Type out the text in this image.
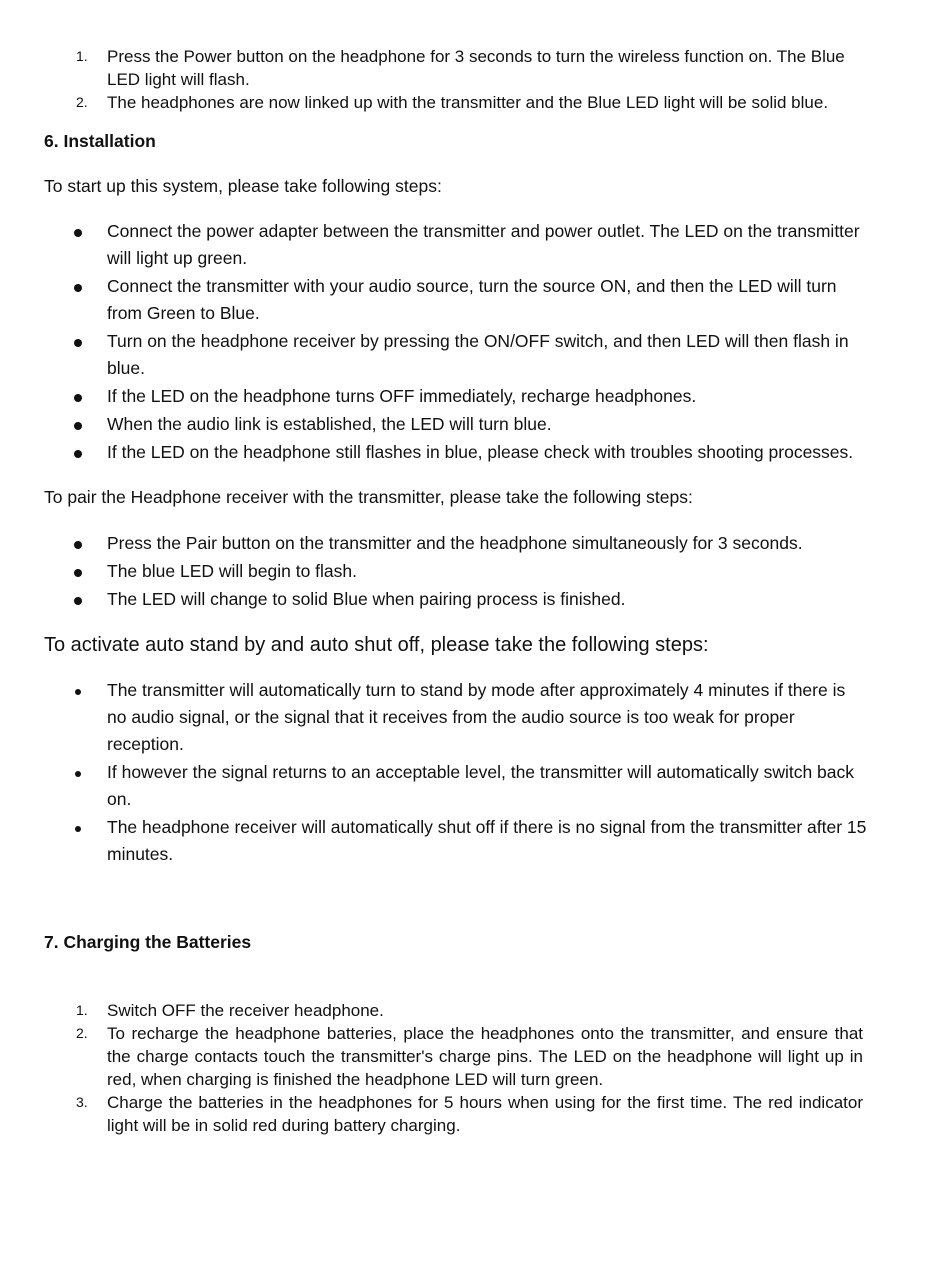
1. Press the Power button on the headphone for 3 seconds to turn the wireless function on. The Blue LED light will flash.
2. The headphones are now linked up with the transmitter and the Blue LED light will be solid blue.
6. Installation
To start up this system, please take following steps:
Connect the power adapter between the transmitter and power outlet. The LED on the transmitter will light up green.
Connect the transmitter with your audio source, turn the source ON, and then the LED will turn from Green to Blue.
Turn on the headphone receiver by pressing the ON/OFF switch, and then LED will then flash in blue.
If the LED on the headphone turns OFF immediately, recharge headphones.
When the audio link is established, the LED will turn blue.
If the LED on the headphone still flashes in blue, please check with troubles shooting processes.
To pair the Headphone receiver with the transmitter, please take the following steps:
Press the Pair button on the transmitter and the headphone simultaneously for 3 seconds.
The blue LED will begin to flash.
The LED will change to solid Blue when pairing process is finished.
To activate auto stand by and auto shut off, please take the following steps:
The transmitter will automatically turn to stand by mode after approximately 4 minutes if there is no audio signal, or the signal that it receives from the audio source is too weak for proper reception.
If however the signal returns to an acceptable level, the transmitter will automatically switch back on.
The headphone receiver will automatically shut off if there is no signal from the transmitter after 15 minutes.
7. Charging the Batteries
1. Switch OFF the receiver headphone.
2. To recharge the headphone batteries, place the headphones onto the transmitter, and ensure that the charge contacts touch the transmitter's charge pins. The LED on the headphone will light up in red, when charging is finished the headphone LED will turn green.
3. Charge the batteries in the headphones for 5 hours when using for the first time. The red indicator light will be in solid red during battery charging.
